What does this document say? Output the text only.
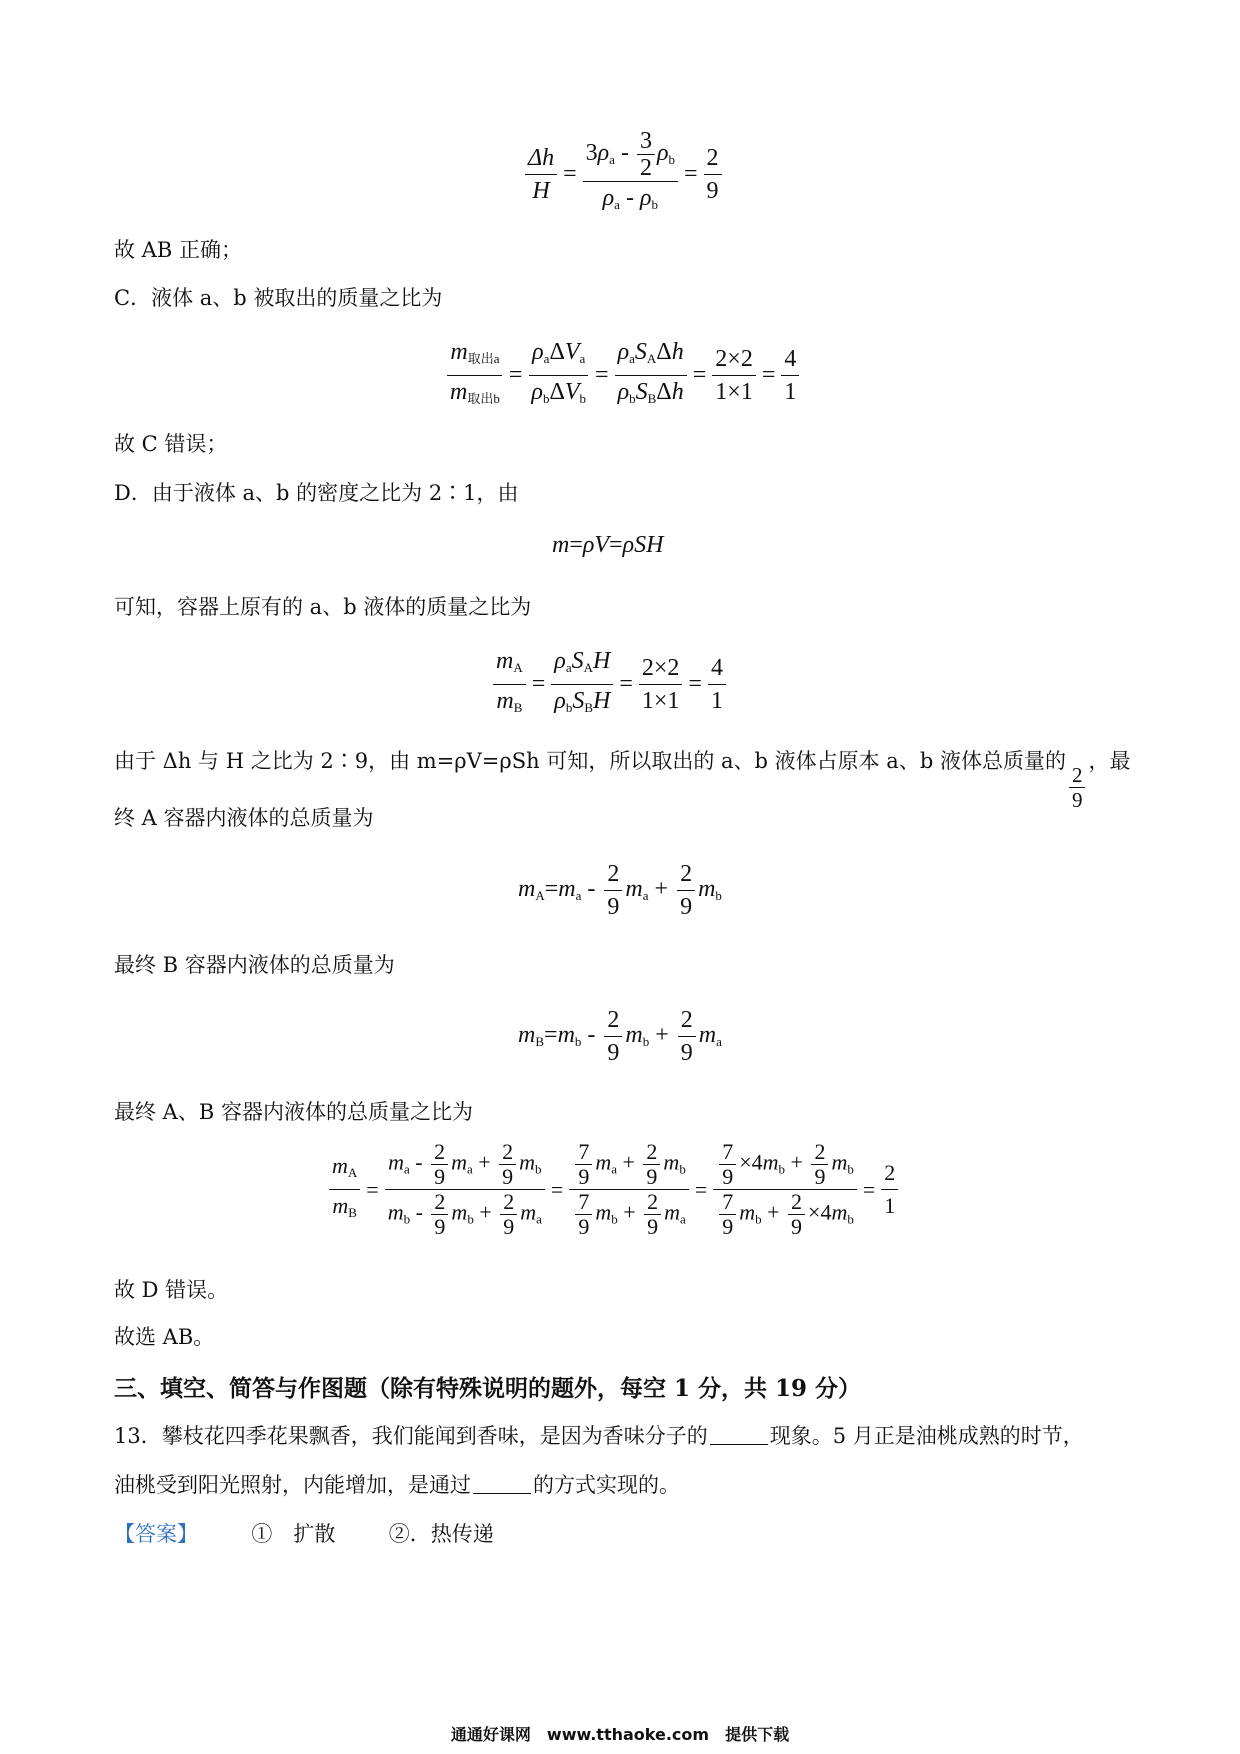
$\frac{\Delta h}{H} = \frac{3\rho_a - \frac{3}{2} \rho_b}{\rho_a - \rho_b} = \frac{2}{9}$
故 AB 正确；
C．液体 a、b 被取出的质量之比为
$\frac{m_{取出a}}{m_{取出b}} = \frac{\rho_a\Delta V_a}{\rho_b\Delta V_b} = \frac{\rho_aS_A\Delta h}{\rho_bS_B\Delta h} = \frac{2\times 2}{1\times 1} = \frac{4}{1}$
故 C 错误；
D．由于液体 a、b 的密度之比为 2∶1，由
m=ρV=ρSH
可知，容器上原有的 a、b 液体的质量之比为
$\frac{m_A}{m_B} = \frac{\rho_aS_AH}{\rho_bS_BH} = \frac{2\times 2}{1\times 1} = \frac{4}{1}$
由于 Δh 与 H 之比为 2∶9，由 m=ρV=ρSh 可知，所以取出的 a、b 液体占原本 a、b 液体总质量的
$\frac{2}{9}$
，最
终 A 容器内液体的总质量为
$m_A=m_a - \frac{2}{9} m_a + \frac{2}{9} m_b$
最终 B 容器内液体的总质量为
$m_B=m_b - \frac{2}{9} m_b + \frac{2}{9} m_a$
最终 A、B 容器内液体的总质量之比为
$\frac{m_A}{m_B} = \frac{m_a - \frac{2}{9} m_a + \frac{2}{9} m_b}{m_b - \frac{2}{9} m_b + \frac{2}{9} m_a} = \frac{\frac{7}{9} m_a + \frac{2}{9} m_b}{\frac{7}{9} m_b + \frac{2}{9} m_a} = \frac{\frac{7}{9} \times 4m_b + \frac{2}{9} m_b}{\frac{7}{9} m_b + \frac{2}{9} \times 4m_b} = \frac{2}{1}$
故 D 错误。
故选 AB。
三、填空、简答与作图题（除有特殊说明的题外，每空 1 分，共 19 分）
13．攀枝花四季花果飘香，我们能闻到香味，是因为香味分子的	现象。5 月正是油桃成熟的时节，
油桃受到阳光照射，内能增加，是通过	的方式实现的。
【答案】	①　扩散	②．热传递
通通好课网　www.tthaoke.com　提供下载
